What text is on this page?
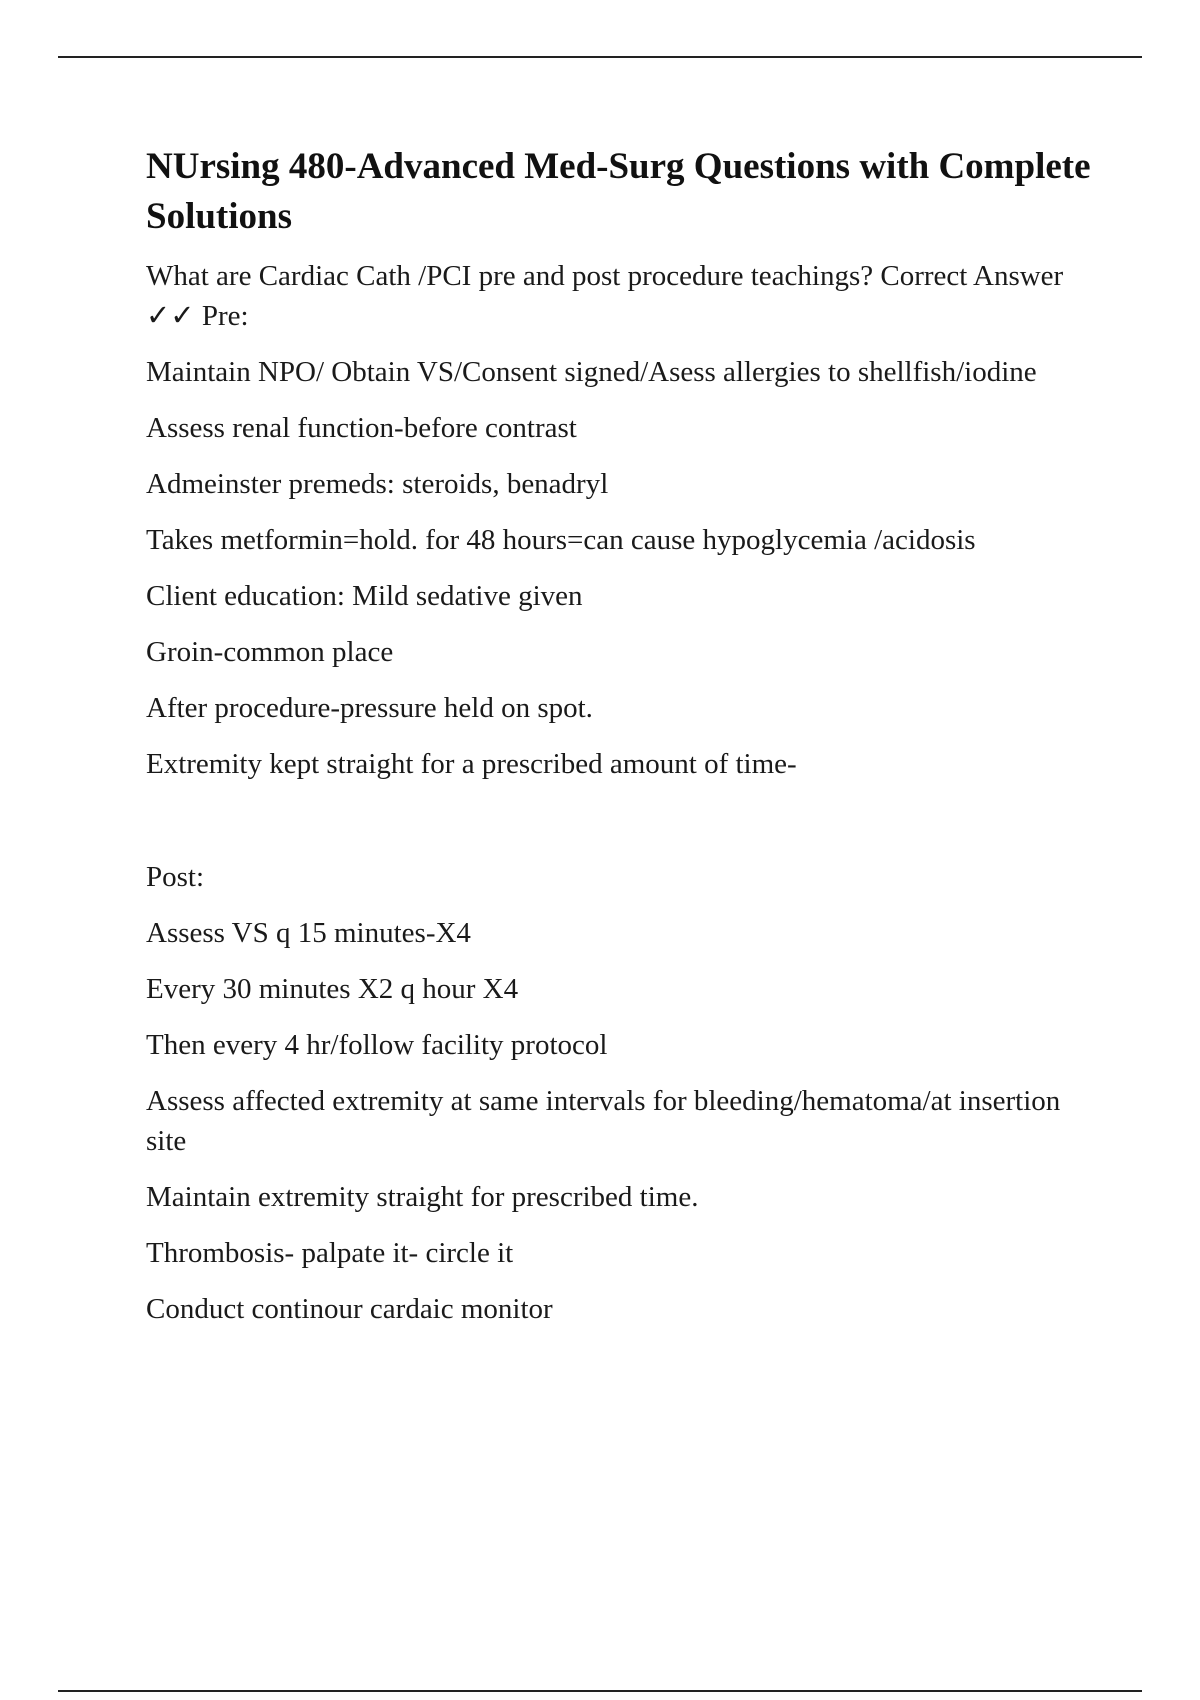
NUrsing 480-Advanced Med-Surg Questions with Complete Solutions

What are Cardiac Cath /PCI pre and post procedure teachings? Correct Answer ✓✓ Pre:

Maintain NPO/ Obtain VS/Consent signed/Asess allergies to shellfish/iodine

Assess renal function-before contrast

Admeinster premeds: steroids, benadryl

Takes metformin=hold. for 48 hours=can cause hypoglycemia /acidosis

Client education: Mild sedative given

Groin-common place

After procedure-pressure held on spot.

Extremity kept straight for a prescribed amount of time-

Post:

Assess VS q 15 minutes-X4

Every 30 minutes X2 q hour X4

Then every 4 hr/follow facility protocol

Assess affected extremity at same intervals for bleeding/hematoma/at insertion site

Maintain extremity straight for prescribed time.

Thrombosis- palpate it- circle it

Conduct continour cardaic monitor
